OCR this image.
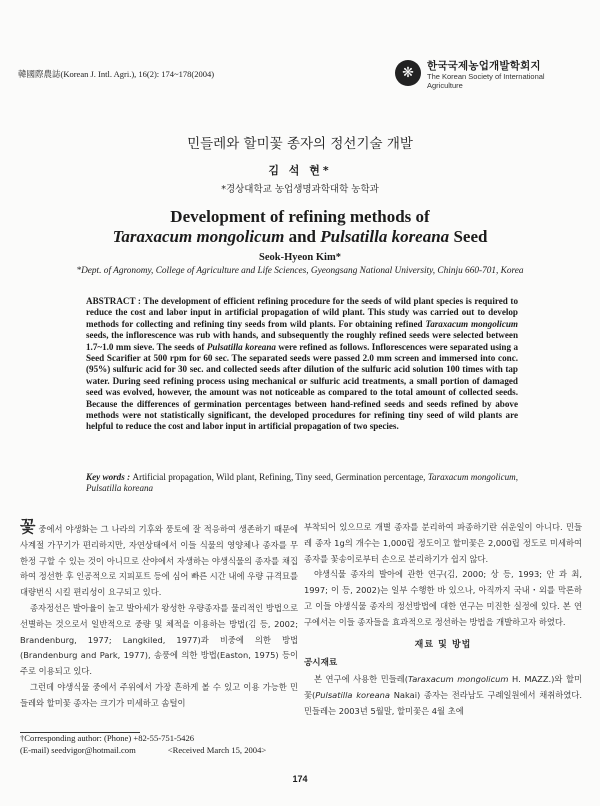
韓國際農誌(Korean J. Intl. Agri.), 16(2): 174~178(2004)	❋ 한국국제농업개발학회지
The Korean Society of International Agriculture
민들레와 할미꽃 종자의 정선기술 개발
김 석 현*
*경상대학교 농업생명과학대학 농학과
Development of refining methods of
Taraxacum mongolicum and Pulsatilla koreana Seed
Seok-Hyeon Kim*
*Dept. of Agronomy, College of Agriculture and Life Sciences, Gyeongsang National University, Chinju 660-701, Korea
ABSTRACT : The development of efficient refining procedure for the seeds of wild plant species is required to reduce the cost and labor input in artificial propagation of wild plant. This study was carried out to develop methods for collecting and refining tiny seeds from wild plants. For obtaining refined Taraxacum mongolicum seeds, the inflorescence was rub with hands, and subsequently the roughly refined seeds were selected between 1.7~1.0 mm sieve. The seeds of Pulsatilla koreana were refined as follows. Inflorescences were separated using a Seed Scarifier at 500 rpm for 60 sec. The separated seeds were passed 2.0 mm screen and immersed into conc. (95%) sulfuric acid for 30 sec. and collected seeds after dilution of the sulfuric acid solution 100 times with tap water. During seed refining process using mechanical or sulfuric acid treatments, a small portion of damaged seed was evolved, however, the amount was not noticeable as compared to the total amount of collected seeds. Because the differences of germination percentages between hand-refined seeds and seeds refined by above methods were not statistically significant, the developed procedures for refining tiny seed of wild plants are helpful to reduce the cost and labor input in artificial propagation of two species.
Key words : Artificial propagation, Wild plant, Refining, Tiny seed, Germination percentage, Taraxacum mongolicum, Pulsatilla koreana

꽃 중에서 야생화는 그 나라의 기후와 풍토에 잘 적응하여 생존하기 때문에 사계절 가꾸기가 편리하지만, 자연상태에서 이들 식물의 영양체나 종자를 무한정 구할 수 있는 것이 아니므로 산야에서 자생하는 야생식물의 종자를 채집하여 정선한 후 인공적으로 지피포트 등에 심어 빠른 시간 내에 우량 규격묘를 대량번식 시킬 편리성이 요구되고 있다.

종자정선은 발아율이 높고 발아세가 왕성한 우량종자를 물리적인 방법으로 선별하는 것으로서 일반적으로 중량 및 체적을 이용하는 방법(김 등, 2002; Brandenburg, 1977; Langkiled, 1977)과 비중에 의한 방법(Brandenburg and Park, 1977), 송풍에 의한 방법(Easton, 1975) 등이 주로 이용되고 있다.

그런데 야생식물 중에서 주위에서 가장 흔하게 볼 수 있고 이용 가능한 민들레와 할미꽃 종자는 크기가 미세하고 솜털이

†Corresponding author: (Phone) +82-55-751-5426
(E-mail) seedvigor@hotmail.com	<Received March 15, 2004>

부착되어 있으므로 개별 종자를 분리하여 파종하기란 쉬운일이 아니다. 민들레 종자 1g의 개수는 1,000립 정도이고 할미꽃은 2,000립 정도로 미세하여 종자를 꽃송이로부터 손으로 분리하기가 쉽지 않다.

야생식물 종자의 발아에 관한 연구(김, 2000; 상 등, 1993; 안 과 최, 1997; 이 등, 2002)는 일부 수행한 바 있으나, 아직까지 국내・외를 막론하고 이들 야생식물 종자의 정선방법에 대한 연구는 미진한 실정에 있다. 본 연구에서는 이들 종자들을 효과적으로 정선하는 방법을 개발하고자 하였다.

재료 및 방법

공시재료

본 연구에 사용한 민들레(Taraxacum mongolicum H. MAZZ.)와 할미꽃(Pulsatilla koreana Nakai) 종자는 전라남도 구례일원에서 채취하였다. 민들레는 2003년 5월말, 할미꽃은 4월 초에

174
